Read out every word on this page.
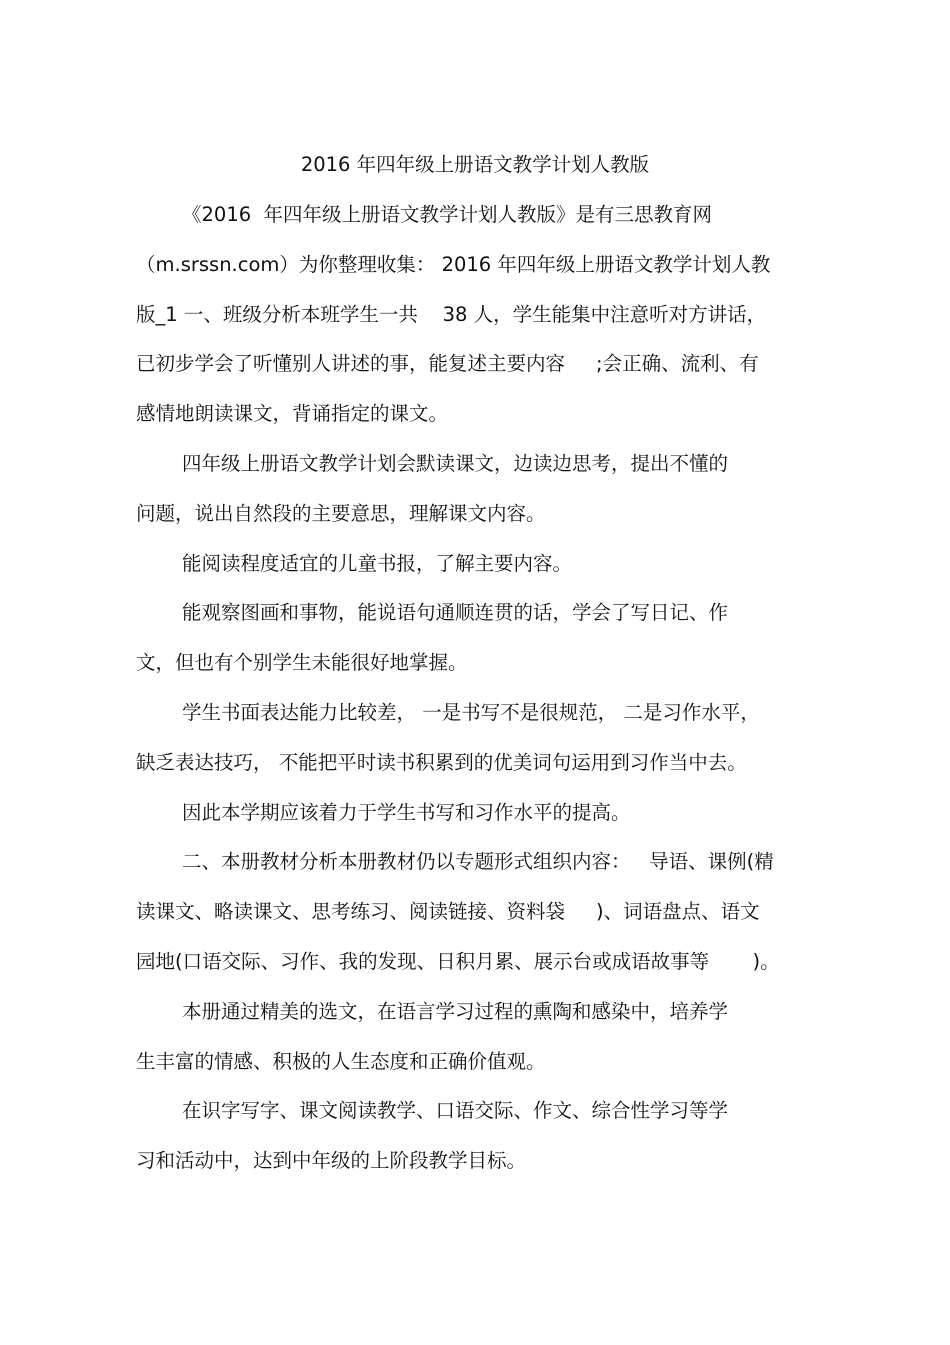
2016 年四年级上册语文教学计划人教版
《2016  年四年级上册语文教学计划人教版》是有三思教育网
（m.srssn.com）为你整理收集： 2016 年四年级上册语文教学计划人教
版_1 一、班级分析本班学生一共    38 人，学生能集中注意听对方讲话，
已初步学会了听懂别人讲述的事，能复述主要内容     ;会正确、流利、有
感情地朗读课文，背诵指定的课文。
四年级上册语文教学计划会默读课文，边读边思考，提出不懂的
问题，说出自然段的主要意思，理解课文内容。
能阅读程度适宜的儿童书报，了解主要内容。
能观察图画和事物，能说语句通顺连贯的话，学会了写日记、作
文，但也有个别学生未能很好地掌握。
学生书面表达能力比较差， 一是书写不是很规范， 二是习作水平，
缺乏表达技巧， 不能把平时读书积累到的优美词句运用到习作当中去。
因此本学期应该着力于学生书写和习作水平的提高。
二、本册教材分析本册教材仍以专题形式组织内容：   导语、课例(精
读课文、略读课文、思考练习、阅读链接、资料袋     )、词语盘点、语文
园地(口语交际、习作、我的发现、日积月累、展示台或成语故事等       )。
本册通过精美的选文，在语言学习过程的熏陶和感染中，培养学
生丰富的情感、积极的人生态度和正确价值观。
在识字写字、课文阅读教学、口语交际、作文、综合性学习等学
习和活动中，达到中年级的上阶段教学目标。
